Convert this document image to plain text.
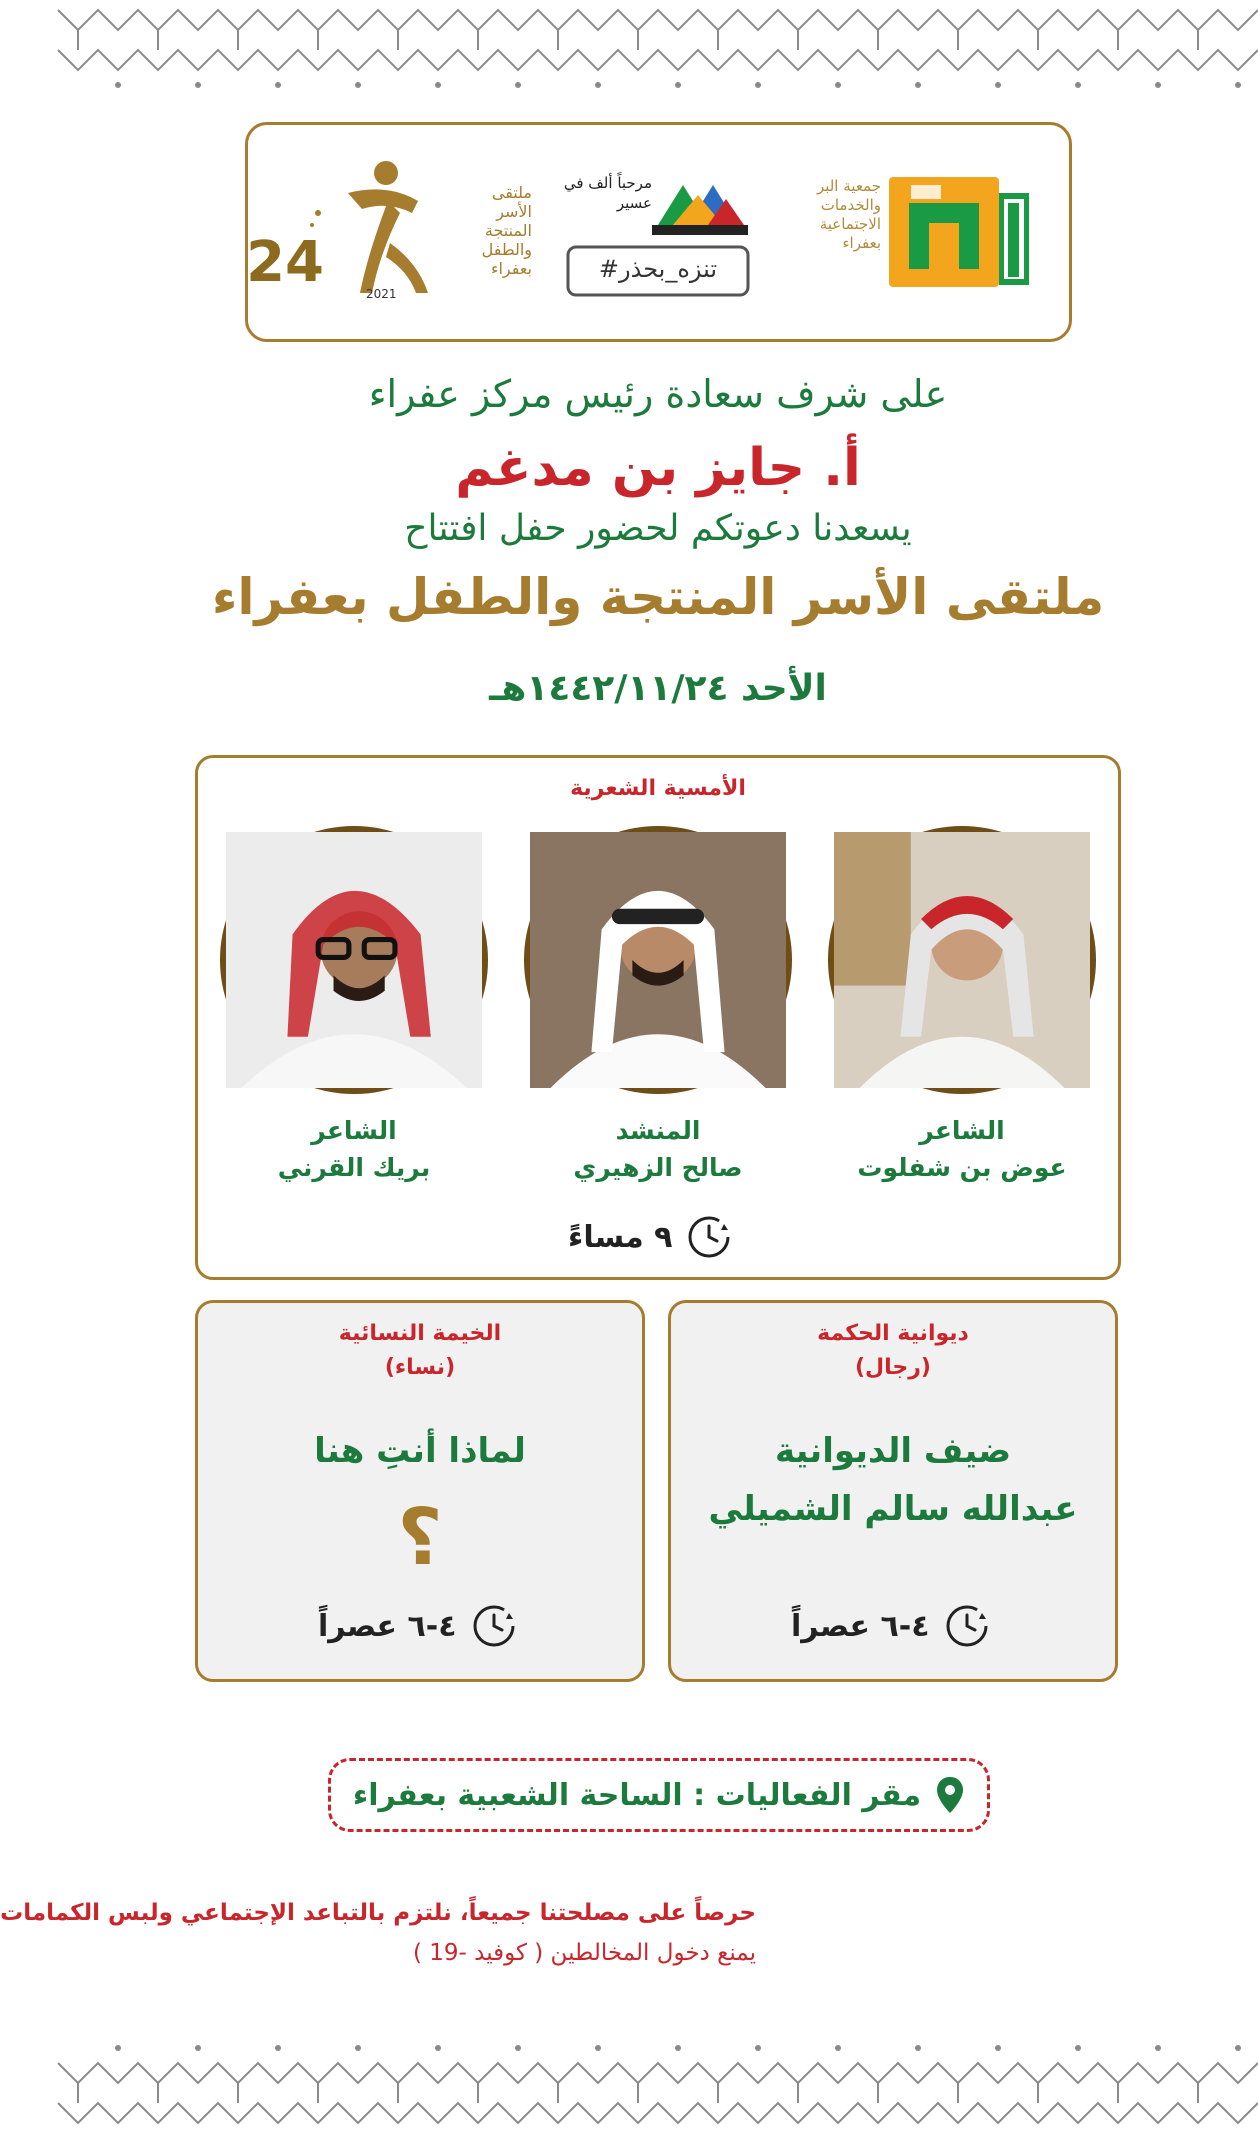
جمعية البر والخدمات الاجتماعية بعفراء
مرحباً ألف في عسير
#تنزه_بحذر
24	2021
ملتقى الأسر المنتجة والطفل بعفراء
على شرف سعادة رئيس مركز عفراء
أ. جايز بن مدغم
يسعدنا دعوتكم لحضور حفل افتتاح
ملتقى الأسر المنتجة والطفل بعفراء
الأحد ١٤٤٢/١١/٢٤هـ
الأمسية الشعرية
الشاعر
عوض بن شفلوت
المنشد
صالح الزهيري
الشاعر
بريك القرني
٩ مساءً
ديوانية الحكمة
(رجال)
ضيف الديوانية
عبدالله سالم الشميلي
٤-٦ عصراً
الخيمة النسائية
(نساء)
لماذا أنتِ هنا
؟
٤-٦ عصراً
مقر الفعاليات : الساحة الشعبية بعفراء
حرصاً على مصلحتنا جميعاً، نلتزم بالتباعد الإجتماعي ولبس الكمامات
يمنع دخول المخالطين ( كوفيد -19 )
